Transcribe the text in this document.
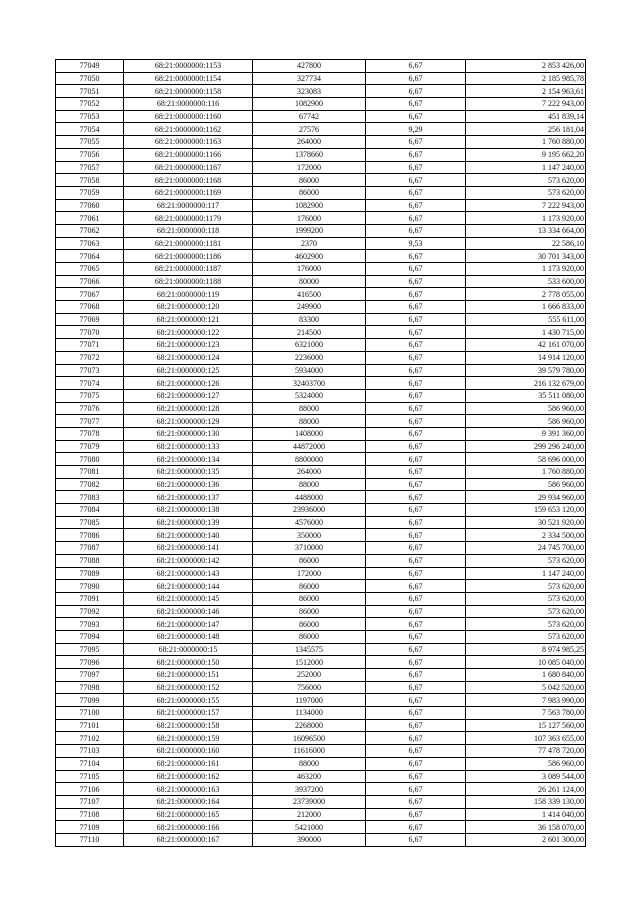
77049	68:21:0000000:1153	427800	6,67	2 853 426,00
77050	68:21:0000000:1154	327734	6,67	2 185 985,78
77051	68:21:0000000:1158	323083	6,67	2 154 963,61
77052	68:21:0000000:116	1082900	6,67	7 222 943,00
77053	68:21:0000000:1160	67742	6,67	451 839,14
77054	68:21:0000000:1162	27576	9,29	256 181,04
77055	68:21:0000000:1163	264000	6,67	1 760 880,00
77056	68:21:0000000:1166	1378660	6,67	9 195 662,20
77057	68:21:0000000:1167	172000	6,67	1 147 240,00
77058	68:21:0000000:1168	86000	6,67	573 620,00
77059	68:21:0000000:1169	86000	6,67	573 620,00
77060	68:21:0000000:117	1082900	6,67	7 222 943,00
77061	68:21:0000000:1179	176000	6,67	1 173 920,00
77062	68:21:0000000:118	1999200	6,67	13 334 664,00
77063	68:21:0000000:1181	2370	9,53	22 586,10
77064	68:21:0000000:1186	4602900	6,67	30 701 343,00
77065	68:21:0000000:1187	176000	6,67	1 173 920,00
77066	68:21:0000000:1188	80000	6,67	533 600,00
77067	68:21:0000000:119	416500	6,67	2 778 055,00
77068	68:21:0000000:120	249900	6,67	1 666 833,00
77069	68:21:0000000:121	83300	6,67	555 611,00
77070	68:21:0000000:122	214500	6,67	1 430 715,00
77071	68:21:0000000:123	6321000	6,67	42 161 070,00
77072	68:21:0000000:124	2236000	6,67	14 914 120,00
77073	68:21:0000000:125	5934000	6,67	39 579 780,00
77074	68:21:0000000:126	32403700	6,67	216 132 679,00
77075	68:21:0000000:127	5324000	6,67	35 511 080,00
77076	68:21:0000000:128	88000	6,67	586 960,00
77077	68:21:0000000:129	88000	6,67	586 960,00
77078	68:21:0000000:130	1408000	6,67	9 391 360,00
77079	68:21:0000000:133	44872000	6,67	299 296 240,00
77080	68:21:0000000:134	8800000	6,67	58 696 000,00
77081	68:21:0000000:135	264000	6,67	1 760 880,00
77082	68:21:0000000:136	88000	6,67	586 960,00
77083	68:21:0000000:137	4488000	6,67	29 934 960,00
77084	68:21:0000000:138	23936000	6,67	159 653 120,00
77085	68:21:0000000:139	4576000	6,67	30 521 920,00
77086	68:21:0000000:140	350000	6,67	2 334 500,00
77087	68:21:0000000:141	3710000	6,67	24 745 700,00
77088	68:21:0000000:142	86000	6,67	573 620,00
77089	68:21:0000000:143	172000	6,67	1 147 240,00
77090	68:21:0000000:144	86000	6,67	573 620,00
77091	68:21:0000000:145	86000	6,67	573 620,00
77092	68:21:0000000:146	86000	6,67	573 620,00
77093	68:21:0000000:147	86000	6,67	573 620,00
77094	68:21:0000000:148	86000	6,67	573 620,00
77095	68:21:0000000:15	1345575	6,67	8 974 985,25
77096	68:21:0000000:150	1512000	6,67	10 085 040,00
77097	68:21:0000000:151	252000	6,67	1 680 840,00
77098	68:21:0000000:152	756000	6,67	5 042 520,00
77099	68:21:0000000:155	1197000	6,67	7 983 990,00
77100	68:21:0000000:157	1134000	6,67	7 563 780,00
77101	68:21:0000000:158	2268000	6,67	15 127 560,00
77102	68:21:0000000:159	16096500	6,67	107 363 655,00
77103	68:21:0000000:160	11616000	6,67	77 478 720,00
77104	68:21:0000000:161	88000	6,67	586 960,00
77105	68:21:0000000:162	463200	6,67	3 089 544,00
77106	68:21:0000000:163	3937200	6,67	26 261 124,00
77107	68:21:0000000:164	23739000	6,67	158 339 130,00
77108	68:21:0000000:165	212000	6,67	1 414 040,00
77109	68:21:0000000:166	5421000	6,67	36 158 070,00
77110	68:21:0000000:167	390000	6,67	2 601 300,00
